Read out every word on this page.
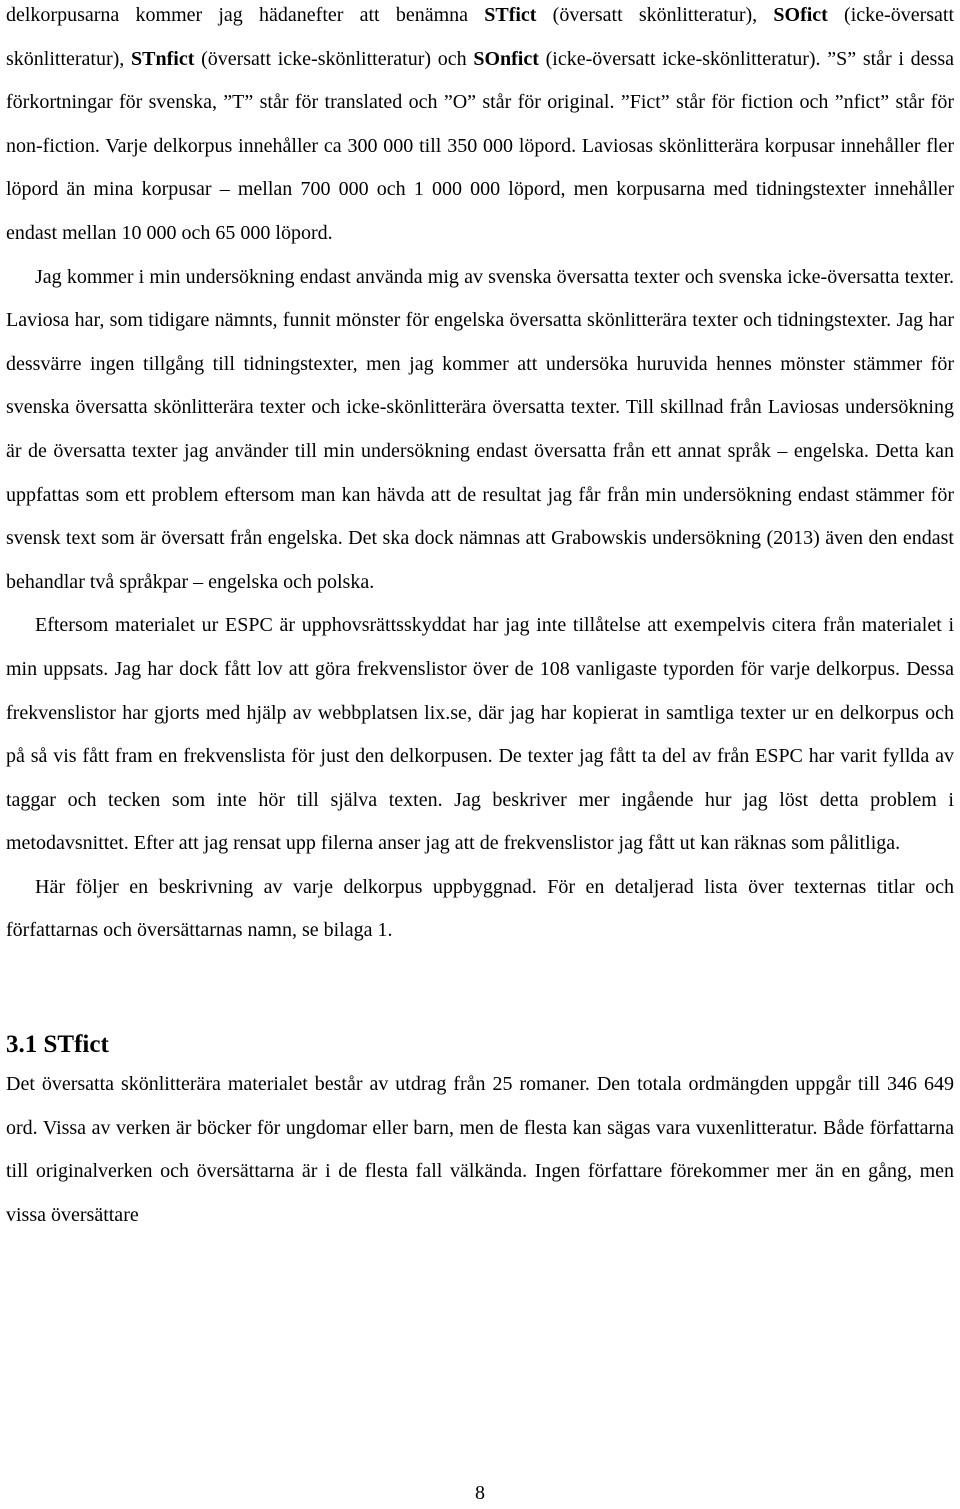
delkorpusarna kommer jag hädanefter att benämna STfict (översatt skönlitteratur), SOfict (icke-översatt skönlitteratur), STnfict (översatt icke-skönlitteratur) och SOnfict (icke-översatt icke-skönlitteratur). ”S” står i dessa förkortningar för svenska, ”T” står för translated och ”O” står för original. ”Fict” står för fiction och ”nfict” står för non-fiction. Varje delkorpus innehåller ca 300 000 till 350 000 löpord. Laviosas skönlitterära korpusar innehåller fler löpord än mina korpusar – mellan 700 000 och 1 000 000 löpord, men korpusarna med tidningstexter innehåller endast mellan 10 000 och 65 000 löpord.

Jag kommer i min undersökning endast använda mig av svenska översatta texter och svenska icke-översatta texter. Laviosa har, som tidigare nämnts, funnit mönster för engelska översatta skönlitterära texter och tidningstexter. Jag har dessvärre ingen tillgång till tidningstexter, men jag kommer att undersöka huruvida hennes mönster stämmer för svenska översatta skönlitterära texter och icke-skönlitterära översatta texter. Till skillnad från Laviosas undersökning är de översatta texter jag använder till min undersökning endast översatta från ett annat språk – engelska. Detta kan uppfattas som ett problem eftersom man kan hävda att de resultat jag får från min undersökning endast stämmer för svensk text som är översatt från engelska. Det ska dock nämnas att Grabowskis undersökning (2013) även den endast behandlar två språkpar – engelska och polska.

Eftersom materialet ur ESPC är upphovsrättsskyddat har jag inte tillåtelse att exempelvis citera från materialet i min uppsats. Jag har dock fått lov att göra frekvenslistor över de 108 vanligaste typorden för varje delkorpus. Dessa frekvenslistor har gjorts med hjälp av webbplatsen lix.se, där jag har kopierat in samtliga texter ur en delkorpus och på så vis fått fram en frekvenslista för just den delkorpusen. De texter jag fått ta del av från ESPC har varit fyllda av taggar och tecken som inte hör till själva texten. Jag beskriver mer ingående hur jag löst detta problem i metodavsnittet. Efter att jag rensat upp filerna anser jag att de frekvenslistor jag fått ut kan räknas som pålitliga.

Här följer en beskrivning av varje delkorpus uppbyggnad. För en detaljerad lista över texternas titlar och författarnas och översättarnas namn, se bilaga 1.

3.1 STfict

Det översatta skönlitterära materialet består av utdrag från 25 romaner. Den totala ordmängden uppgår till 346 649 ord. Vissa av verken är böcker för ungdomar eller barn, men de flesta kan sägas vara vuxenlitteratur. Både författarna till originalverken och översättarna är i de flesta fall välkända. Ingen författare förekommer mer än en gång, men vissa översättare

8
